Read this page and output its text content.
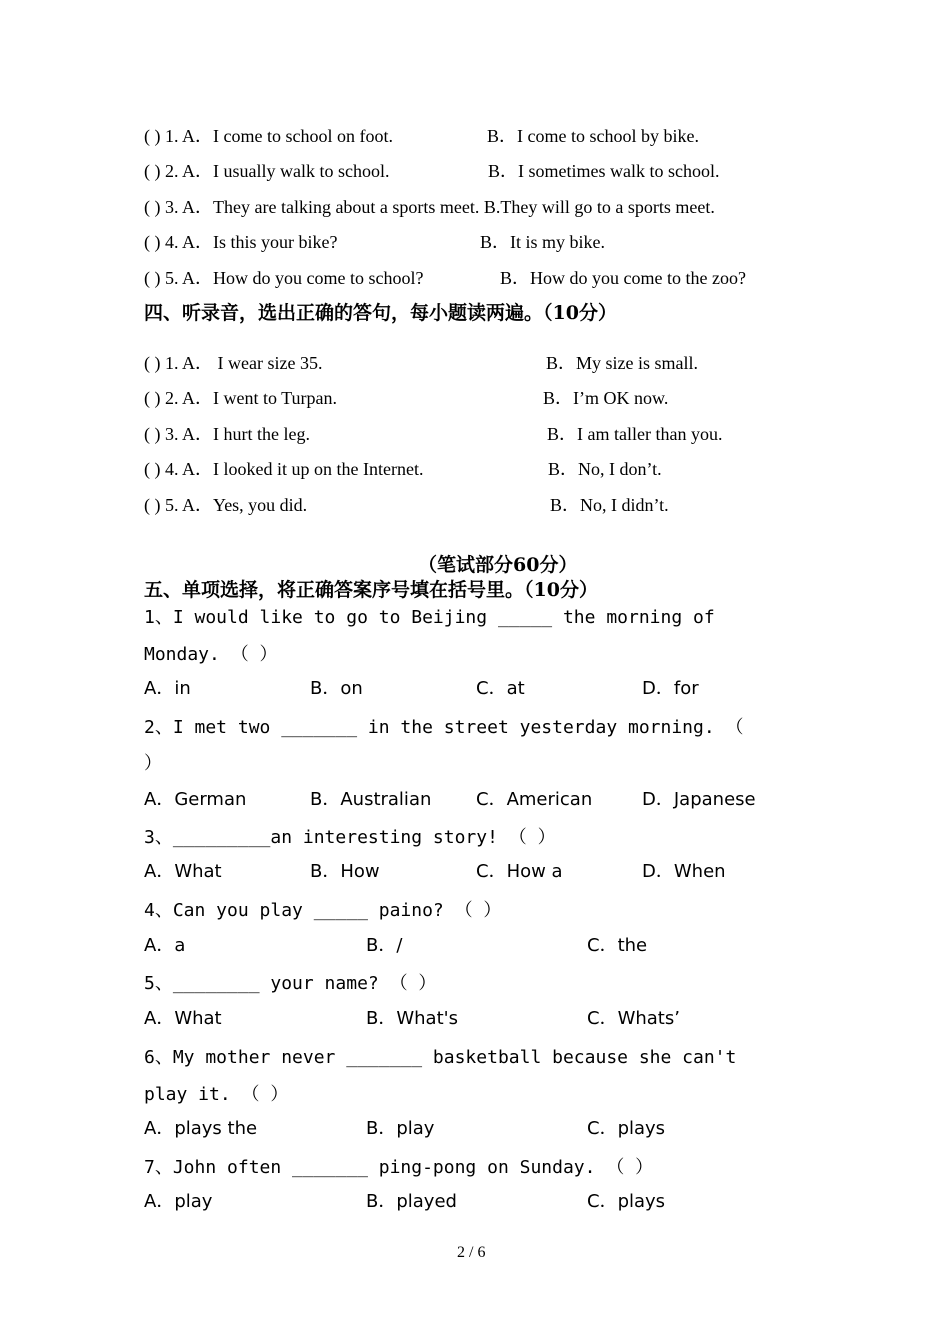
( ) 1. A．I come to school on foot.	B．I come to school by bike.
( ) 2. A．I usually walk to school.	B．I sometimes walk to school.
( ) 3. A．They are talking about a sports meet. B.They will go to a sports meet.
( ) 4. A．Is this your bike?	B．It is my bike.
( ) 5. A．How do you come to school?	B．How do you come to the zoo?
四、听录音，选出正确的答句，每小题读两遍。（10分）
( ) 1. A． I wear size 35.	B．My size is small.
( ) 2. A．I went to Turpan.	B．I’m OK now.
( ) 3. A．I hurt the leg.	B．I am taller than you.
( ) 4. A．I looked it up on the Internet.	B．No, I don’t.
( ) 5. A．Yes, you did.	B．No, I didn’t.
（笔试部分60分）
五、单项选择，将正确答案序号填在括号里。（10分）
1、I would like to go to Beijing _____ the morning of
Monday. （ ）
A．in	B．on	C．at	D．for
2、I met two _______ in the street yesterday morning. （
）
A．German	B．Australian C．American	D．Japanese
3、_________an interesting story! （ ）
A．What	B．How	C．How a	D．When
4、Can you play _____ paino? （ ）
A．a	B．/	C．the
5、________ your name? （ ）
A．What	B．What's	C．Whats’
6、My mother never _______ basketball because she can't
play it. （ ）
A．plays the	B．play	C．plays
7、John often _______ ping-pong on Sunday. （ ）
A．play	B．played	C．plays
2 / 6
